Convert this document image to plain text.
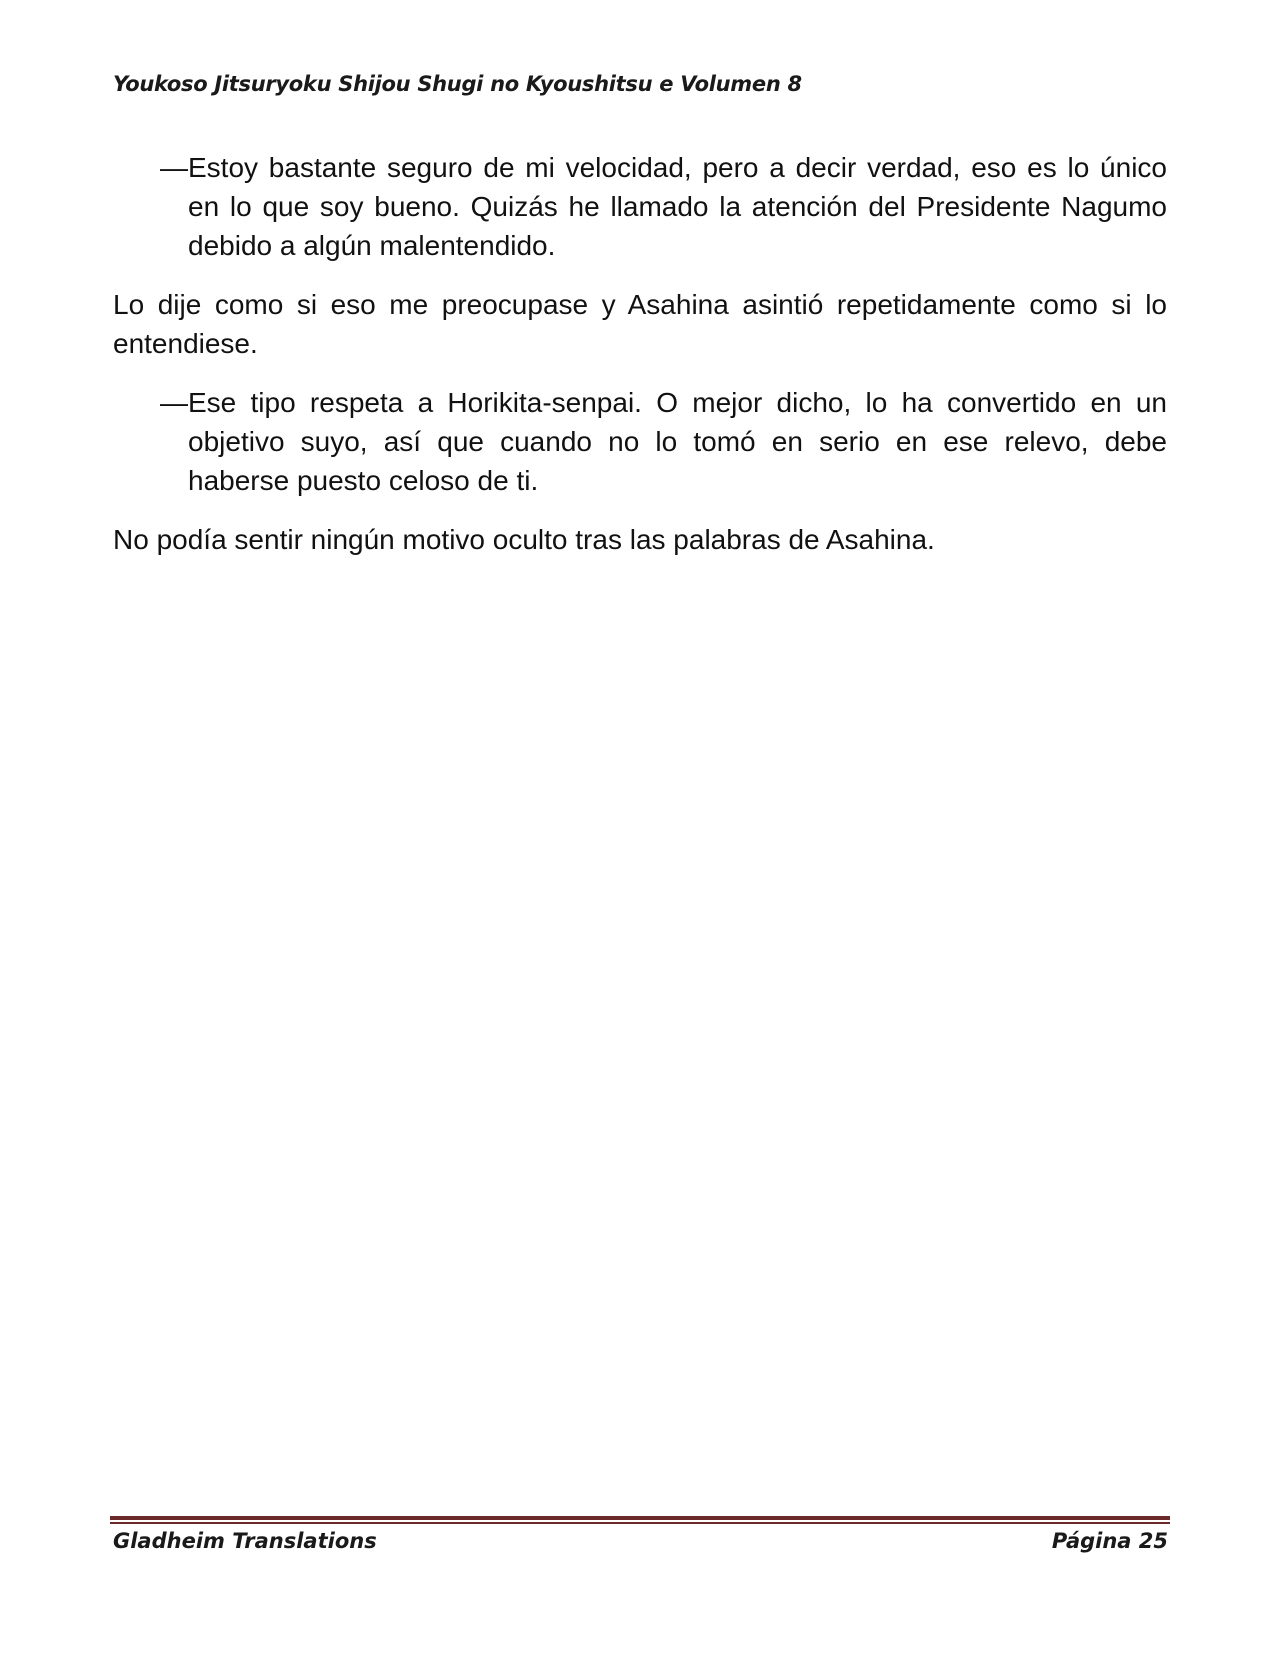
Youkoso Jitsuryoku Shijou Shugi no Kyoushitsu e Volumen 8
— Estoy bastante seguro de mi velocidad, pero a decir verdad, eso es lo único en lo que soy bueno. Quizás he llamado la atención del Presidente Nagumo debido a algún malentendido.

Lo dije como si eso me preocupase y Asahina asintió repetidamente como si lo entendiese.

— Ese tipo respeta a Horikita-senpai. O mejor dicho, lo ha convertido en un objetivo suyo, así que cuando no lo tomó en serio en ese relevo, debe haberse puesto celoso de ti.

No podía sentir ningún motivo oculto tras las palabras de Asahina.

Gladheim Translations	Página 25
